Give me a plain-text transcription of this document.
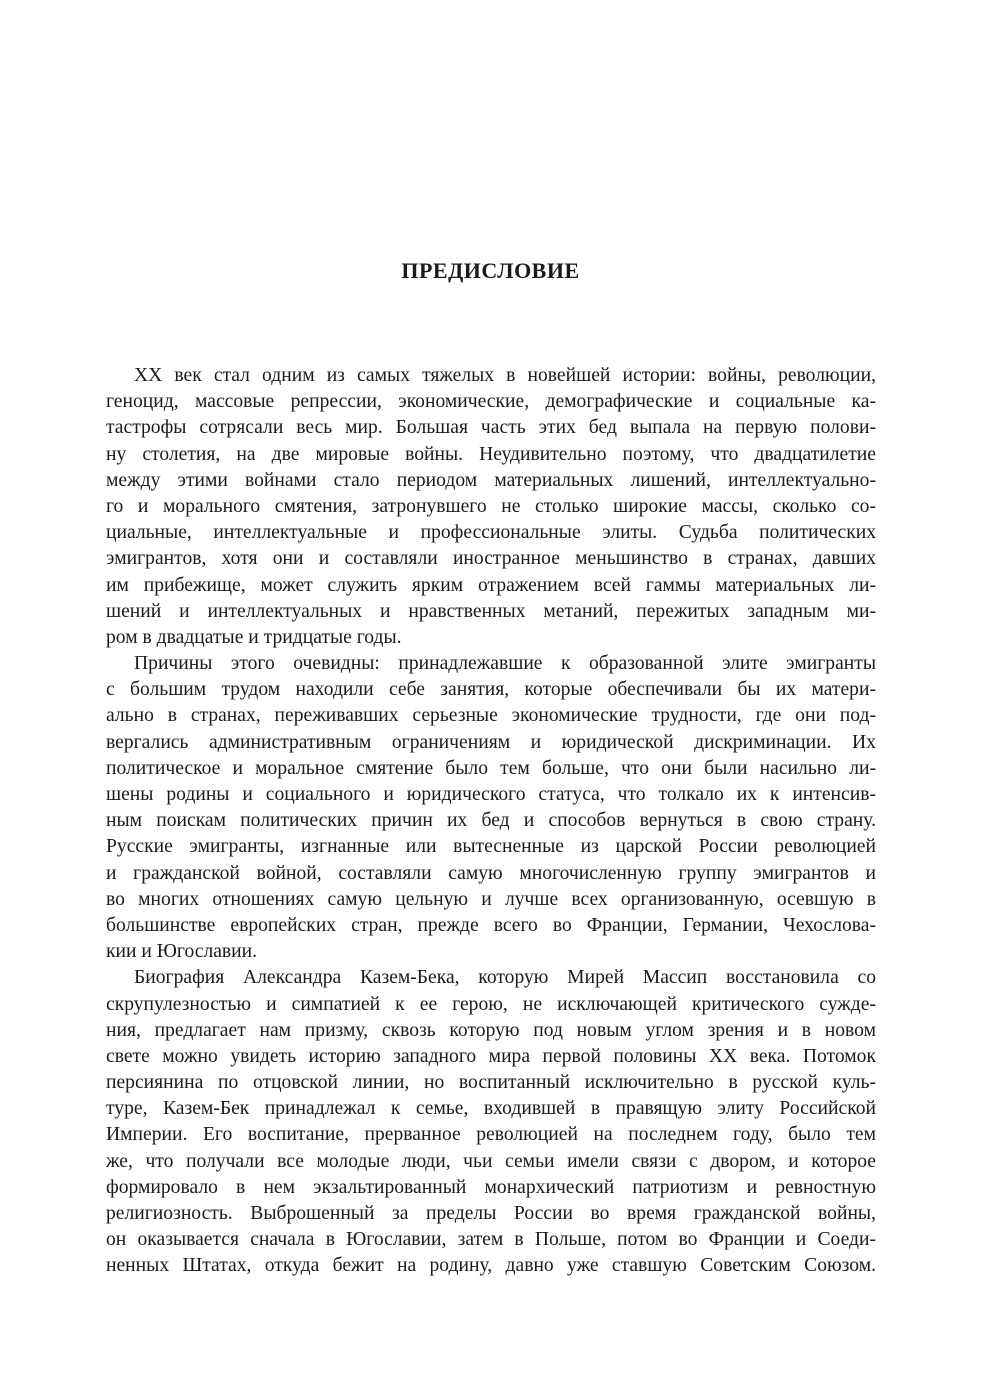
ПРЕДИСЛОВИЕ
XX век стал одним из самых тяжелых в новейшей истории: войны, революции,
геноцид, массовые репрессии, экономические, демографические и социальные ка-
тастрофы сотрясали весь мир. Большая часть этих бед выпала на первую полови-
ну столетия, на две мировые войны. Неудивительно поэтому, что двадцатилетие
между этими войнами стало периодом материальных лишений, интеллектуально-
го и морального смятения, затронувшего не столько широкие массы, сколько со-
циальные, интеллектуальные и профессиональные элиты. Судьба политических
эмигрантов, хотя они и составляли иностранное меньшинство в странах, давших
им прибежище, может служить ярким отражением всей гаммы материальных ли-
шений и интеллектуальных и нравственных метаний, пережитых западным ми-
ром в двадцатые и тридцатые годы.
Причины этого очевидны: принадлежавшие к образованной элите эмигранты
с большим трудом находили себе занятия, которые обеспечивали бы их матери-
ально в странах, переживавших серьезные экономические трудности, где они под-
вергались административным ограничениям и юридической дискриминации. Их
политическое и моральное смятение было тем больше, что они были насильно ли-
шены родины и социального и юридического статуса, что толкало их к интенсив-
ным поискам политических причин их бед и способов вернуться в свою страну.
Русские эмигранты, изгнанные или вытесненные из царской России революцией
и гражданской войной, составляли самую многочисленную группу эмигрантов и
во многих отношениях самую цельную и лучше всех организованную, осевшую в
большинстве европейских стран, прежде всего во Франции, Германии, Чехослова-
кии и Югославии.
Биография Александра Казем-Бека, которую Мирей Массип восстановила со
скрупулезностью и симпатией к ее герою, не исключающей критического сужде-
ния, предлагает нам призму, сквозь которую под новым углом зрения и в новом
свете можно увидеть историю западного мира первой половины XX века. Потомок
персиянина по отцовской линии, но воспитанный исключительно в русской куль-
туре, Казем-Бек принадлежал к семье, входившей в правящую элиту Российской
Империи. Его воспитание, прерванное революцией на последнем году, было тем
же, что получали все молодые люди, чьи семьи имели связи с двором, и которое
формировало в нем экзальтированный монархический патриотизм и ревностную
религиозность. Выброшенный за пределы России во время гражданской войны,
он оказывается сначала в Югославии, затем в Польше, потом во Франции и Соеди-
ненных Штатах, откуда бежит на родину, давно уже ставшую Советским Союзом.
